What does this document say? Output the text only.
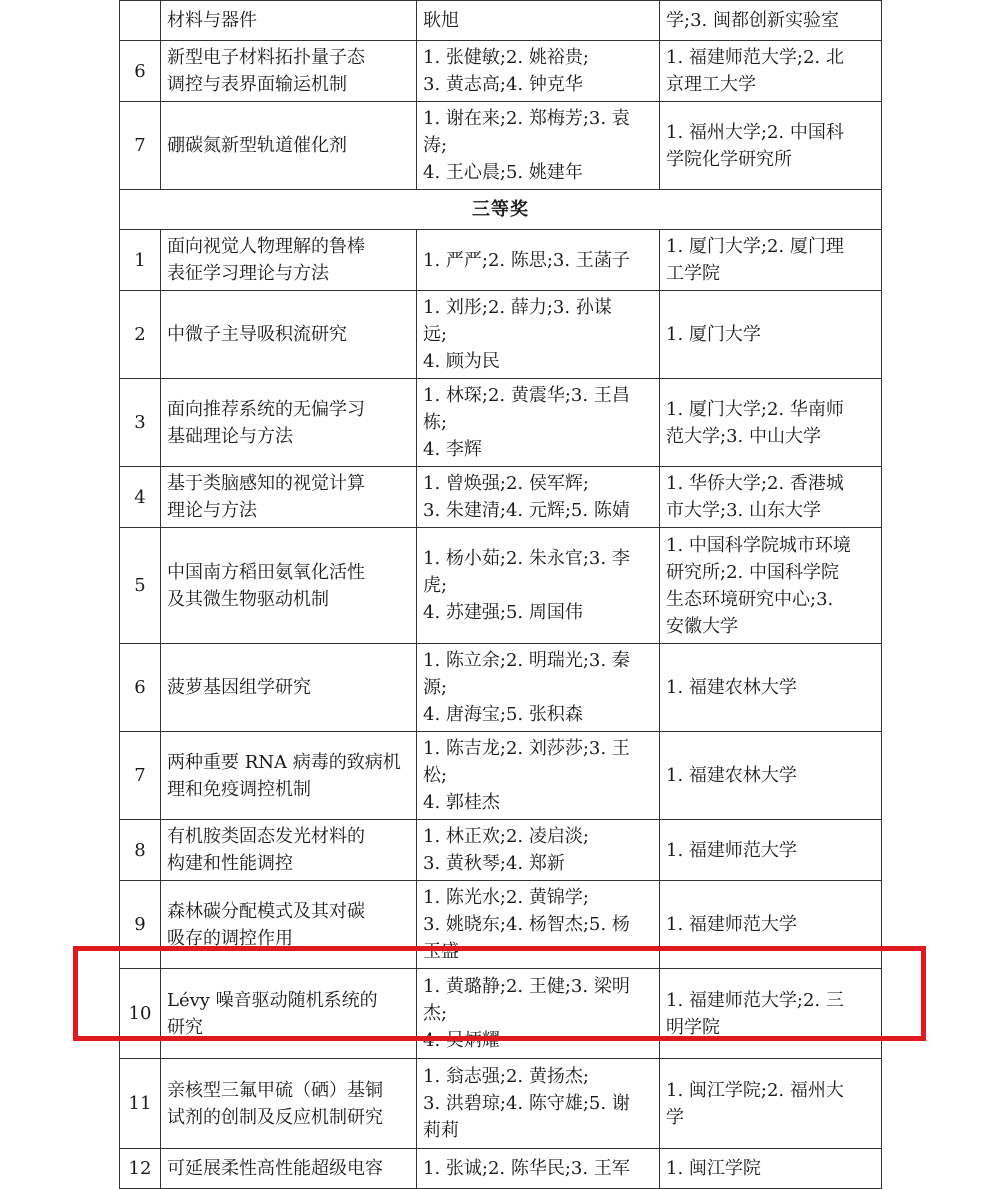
	材料与器件	耿旭	学;3. 闽都创新实验室

6	新型电子材料拓扑量子态
调控与表界面输运机制	1. 张健敏;2. 姚裕贵;
3. 黄志高;4. 钟克华	1. 福建师范大学;2. 北
京理工大学

7	硼碳氮新型轨道催化剂	1. 谢在来;2. 郑梅芳;3. 袁
涛;
4. 王心晨;5. 姚建年	1. 福州大学;2. 中国科
学院化学研究所

三等奖			
1	面向视觉人物理解的鲁棒
表征学习理论与方法	1. 严严;2. 陈思;3. 王菡子	1. 厦门大学;2. 厦门理
工学院

2	中微子主导吸积流研究	1. 刘彤;2. 薛力;3. 孙谋
远;
4. 顾为民	1. 厦门大学

3	面向推荐系统的无偏学习
基础理论与方法	1. 林琛;2. 黄震华;3. 王昌
栋;
4. 李辉	1. 厦门大学;2. 华南师
范大学;3. 中山大学

4	基于类脑感知的视觉计算
理论与方法	1. 曾焕强;2. 侯军辉;
3. 朱建清;4. 元辉;5. 陈婧	1. 华侨大学;2. 香港城
市大学;3. 山东大学

5	中国南方稻田氨氧化活性
及其微生物驱动机制	1. 杨小茹;2. 朱永官;3. 李
虎;
4. 苏建强;5. 周国伟	1. 中国科学院城市环境
研究所;2. 中国科学院
生态环境研究中心;3.
安徽大学

6	菠萝基因组学研究	1. 陈立余;2. 明瑞光;3. 秦
源;
4. 唐海宝;5. 张积森	1. 福建农林大学

7	两种重要 RNA 病毒的致病机
理和免疫调控机制	1. 陈吉龙;2. 刘莎莎;3. 王
松;
4. 郭桂杰	1. 福建农林大学

8	有机胺类固态发光材料的
构建和性能调控	1. 林正欢;2. 凌启淡;
3. 黄秋琴;4. 郑新	1. 福建师范大学

9	森林碳分配模式及其对碳
吸存的调控作用	1. 陈光水;2. 黄锦学;
3. 姚晓东;4. 杨智杰;5. 杨
玉盛	1. 福建师范大学

10	Lévy 噪音驱动随机系统的
研究	1. 黄璐静;2. 王健;3. 梁明
杰;
4. 吴炳耀	1. 福建师范大学;2. 三
明学院

11	亲核型三氟甲硫（硒）基铜
试剂的创制及反应机制研究	1. 翁志强;2. 黄扬杰;
3. 洪碧琼;4. 陈守雄;5. 谢
莉莉	1. 闽江学院;2. 福州大
学

12	可延展柔性高性能超级电容	1. 张诚;2. 陈华民;3. 王军	1. 闽江学院
